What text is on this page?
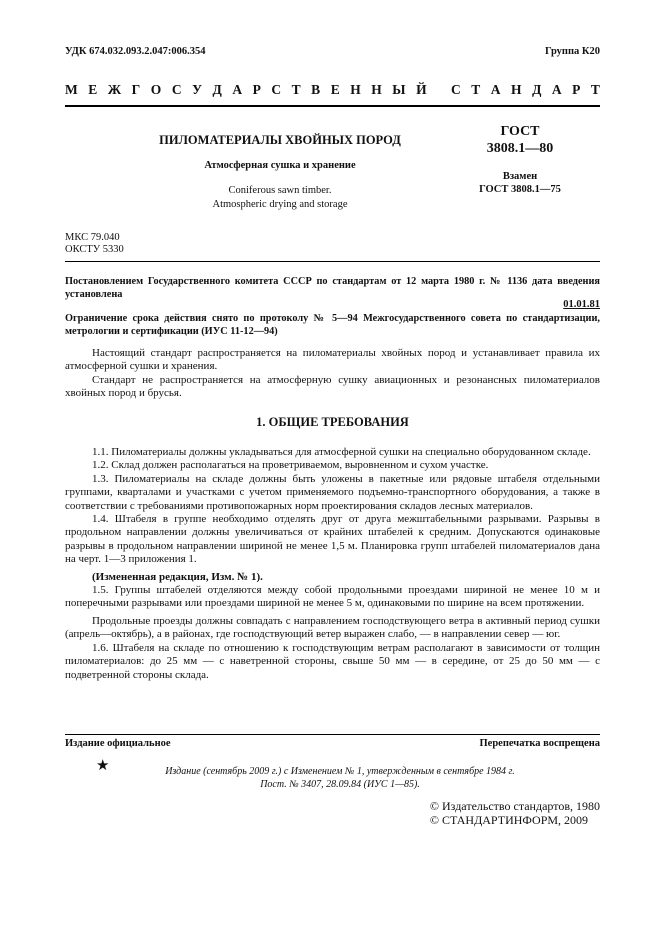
УДК 674.032.093.2.047:006.354	Группа К20
М Е Ж Г О С У Д А Р С Т В Е Н Н Ы Й
С Т А Н Д А Р Т
ПИЛОМАТЕРИАЛЫ ХВОЙНЫХ ПОРОД
Атмосферная сушка и хранение
Coniferous sawn timber.
Atmospheric drying and storage
ГОСТ
3808.1—80
Взамен
ГОСТ 3808.1—75
МКС 79.040
ОКСТУ 5330
Постановлением Государственного комитета СССР по стандартам от 12 марта 1980 г. № 1136 дата введения установлена
01.01.81
Ограничение срока действия снято по протоколу № 5—94 Межгосударственного совета по стандартизации, метрологии и сертификации (ИУС 11-12—94)

Настоящий стандарт распространяется на пиломатериалы хвойных пород и устанавливает правила их атмосферной сушки и хранения.

Стандарт не распространяется на атмосферную сушку авиационных и резонансных пиломатериалов хвойных пород и брусья.

1. ОБЩИЕ ТРЕБОВАНИЯ

1.1. Пиломатериалы должны укладываться для атмосферной сушки на специально оборудованном складе.

1.2. Склад должен располагаться на проветриваемом, выровненном и сухом участке.

1.3. Пиломатериалы на складе должны быть уложены в пакетные или рядовые штабеля отдельными группами, кварталами и участками с учетом применяемого подъемно-транспортного оборудования, а также в соответствии с требованиями противопожарных норм проектирования складов лесных материалов.

1.4. Штабеля в группе необходимо отделять друг от друга межштабельными разрывами. Разрывы в продольном направлении должны увеличиваться от крайних штабелей к средним. Допускаются одинаковые разрывы в продольном направлении шириной не менее 1,5 м. Планировка групп штабелей пиломатериалов дана на черт. 1—3 приложения 1.

(Измененная редакция, Изм. № 1).

1.5. Группы штабелей отделяются между собой продольными проездами шириной не менее 10 м и поперечными разрывами или проездами шириной не менее 5 м, одинаковыми по ширине на всем протяжении.

Продольные проезды должны совпадать с направлением господствующего ветра в активный период сушки (апрель—октябрь), а в районах, где господствующий ветер выражен слабо, — в направлении север — юг.

1.6. Штабеля на складе по отношению к господствующим ветрам располагают в зависимости от толщин пиломатериалов: до 25 мм — с наветренной стороны, свыше 50 мм — в середине, от 25 до 50 мм — с подветренной стороны склада.

Издание официальное	Перепечатка воспрещена
★	Издание (сентябрь 2009 г.) с Изменением № 1, утвержденным в сентябре 1984 г.
Пост. № 3407, 28.09.84 (ИУС 1—85).
© Издательство стандартов, 1980
© СТАНДАРТИНФОРМ, 2009
